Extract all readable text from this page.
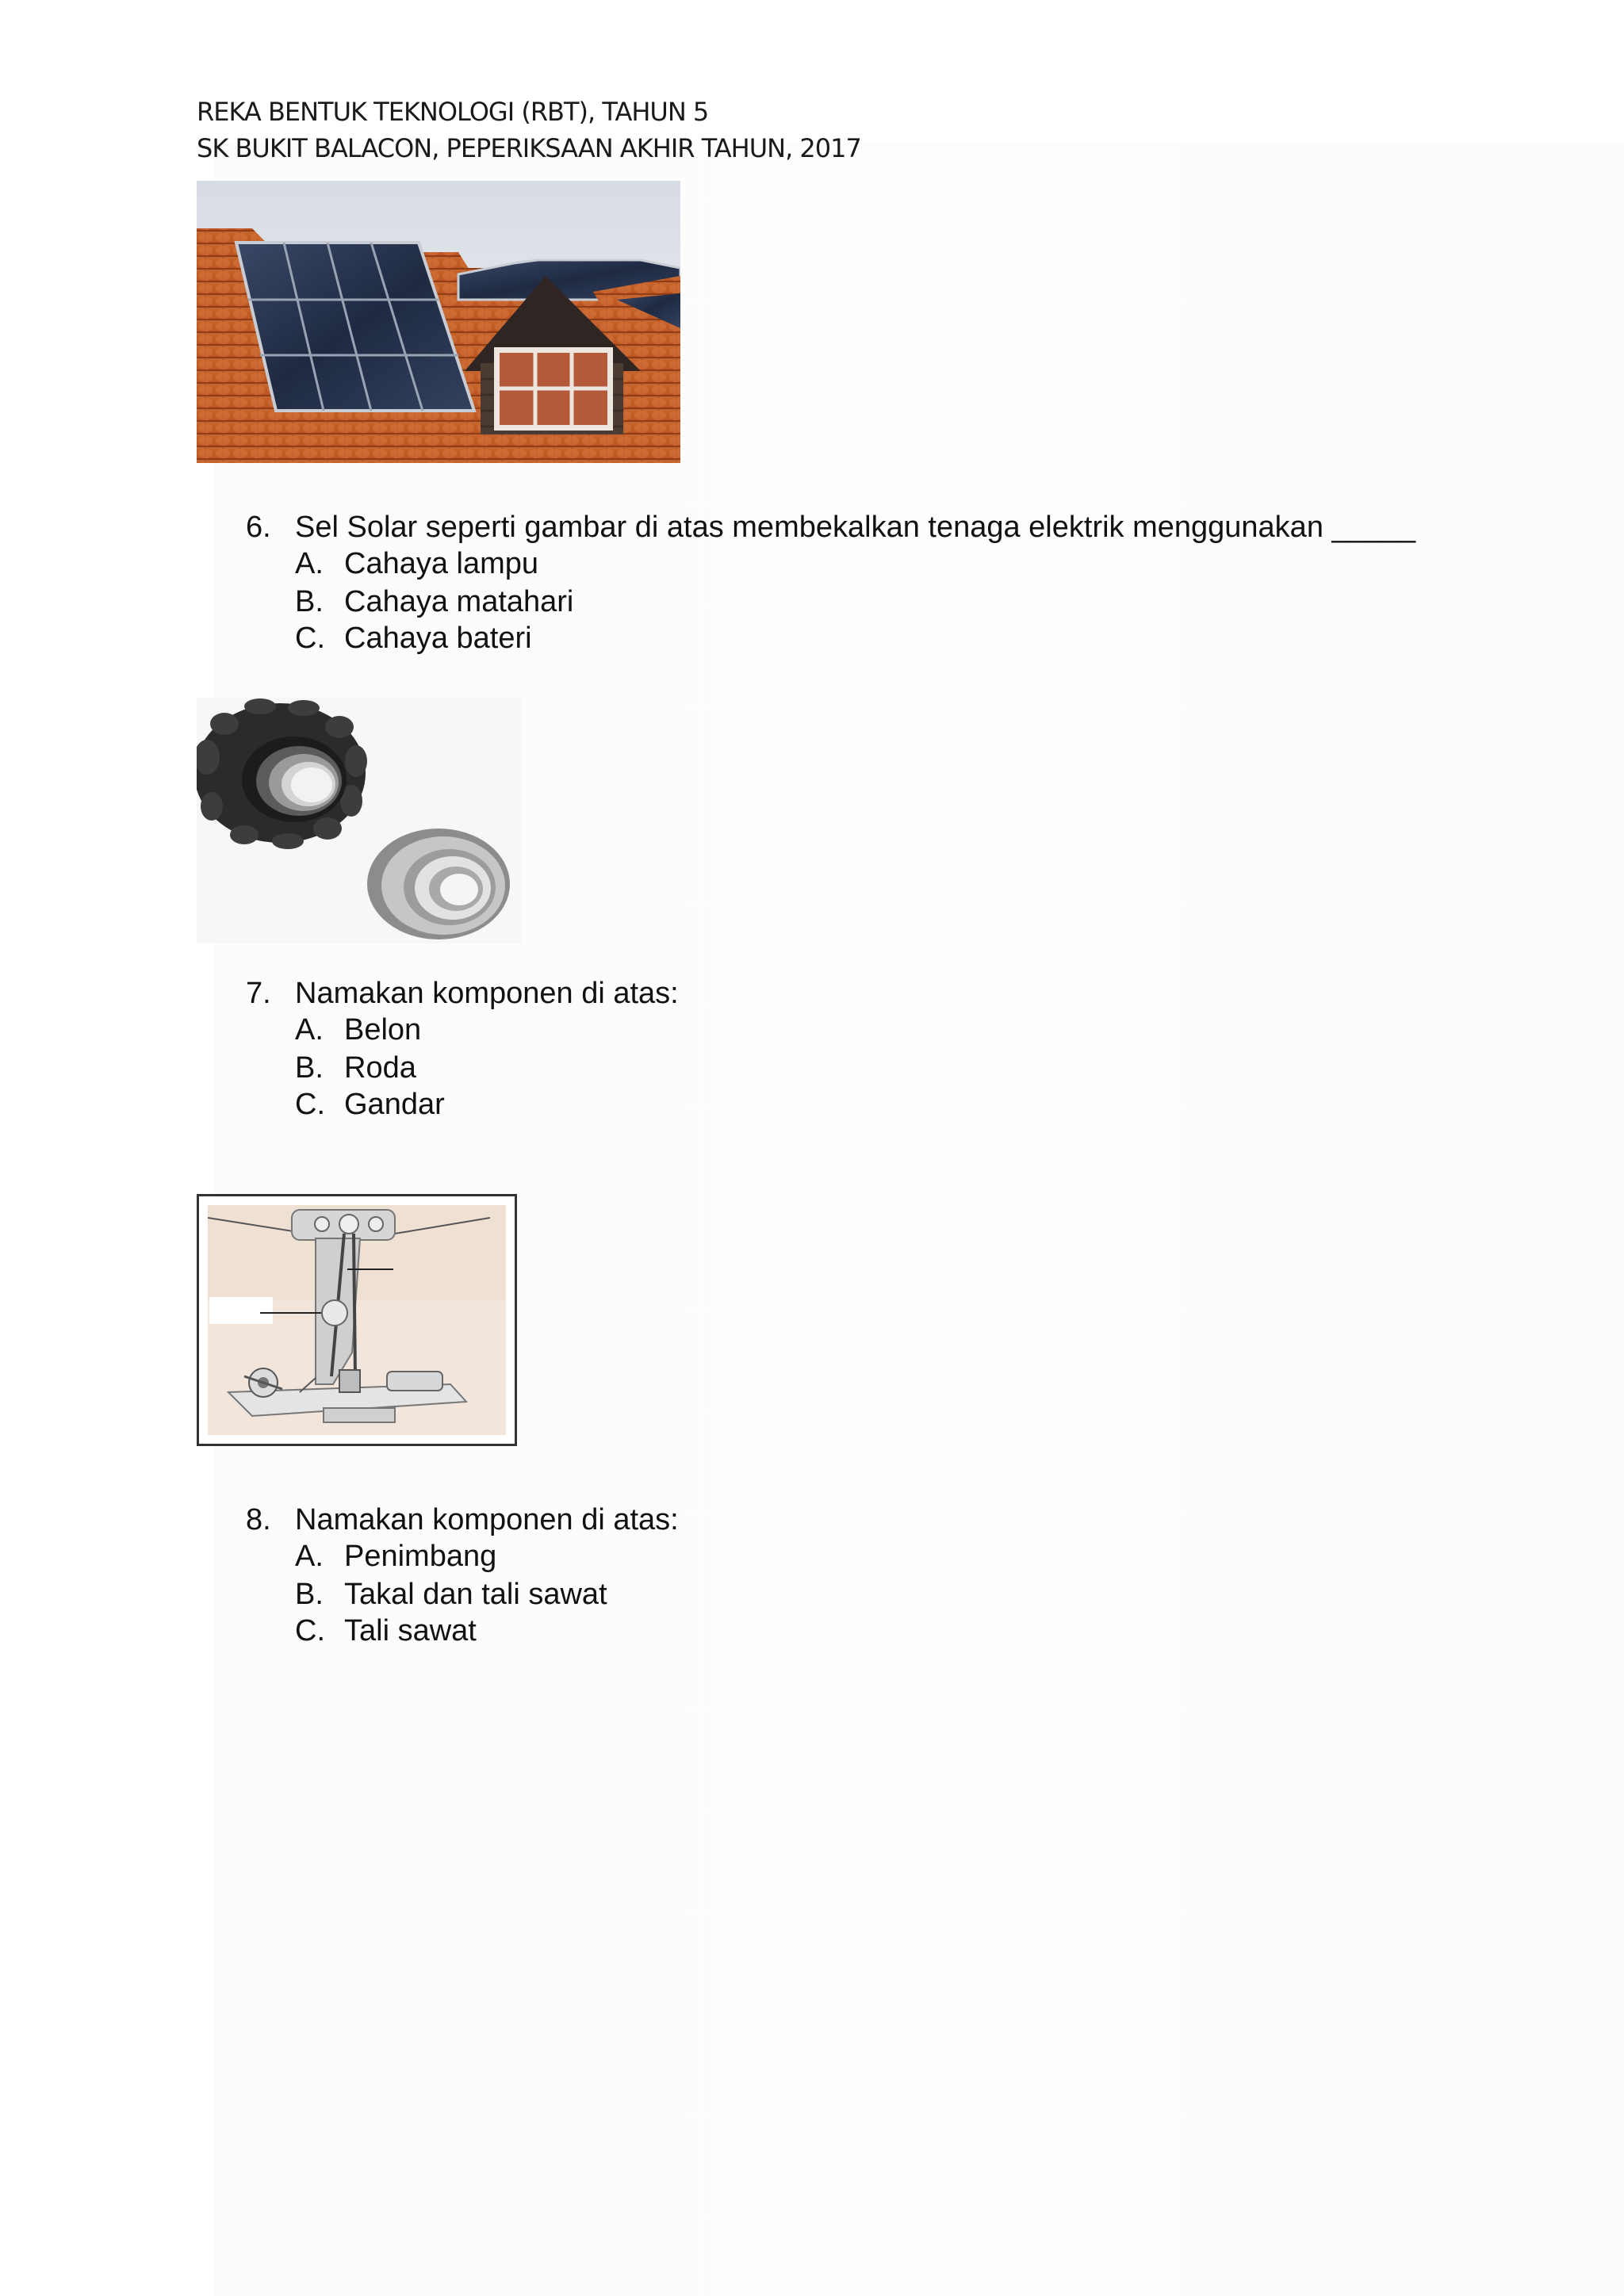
REKA BENTUK TEKNOLOGI (RBT), TAHUN 5
SK BUKIT BALACON, PEPERIKSAAN AKHIR TAHUN, 2017
6. Sel Solar seperti gambar di atas membekalkan tenaga elektrik menggunakan _____
A. Cahaya lampu
B. Cahaya matahari
C. Cahaya bateri
7. Namakan komponen di atas:
A. Belon
B. Roda
C. Gandar
8. Namakan komponen di atas:
A. Penimbang
B. Takal dan tali sawat
C. Tali sawat
